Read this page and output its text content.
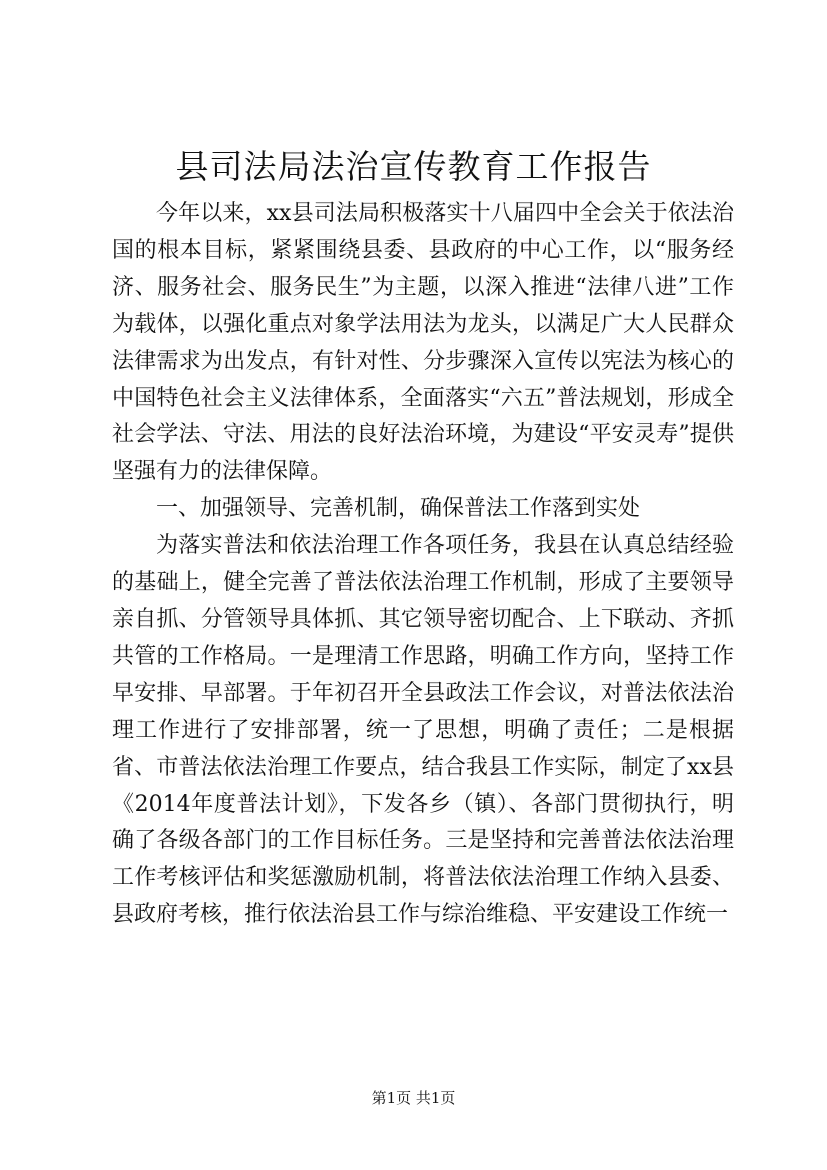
县司法局法治宣传教育工作报告

今年以来，xx县司法局积极落实十八届四中全会关于依法治国的根本目标，紧紧围绕县委、县政府的中心工作，以“服务经济、服务社会、服务民生”为主题，以深入推进“法律八进”工作为载体，以强化重点对象学法用法为龙头，以满足广大人民群众法律需求为出发点，有针对性、分步骤深入宣传以宪法为核心的中国特色社会主义法律体系，全面落实“六五”普法规划，形成全社会学法、守法、用法的良好法治环境，为建设“平安灵寿”提供坚强有力的法律保障。

一、加强领导、完善机制，确保普法工作落到实处

为落实普法和依法治理工作各项任务，我县在认真总结经验的基础上，健全完善了普法依法治理工作机制，形成了主要领导亲自抓、分管领导具体抓、其它领导密切配合、上下联动、齐抓共管的工作格局。一是理清工作思路，明确工作方向，坚持工作早安排、早部署。于年初召开全县政法工作会议，对普法依法治理工作进行了安排部署，统一了思想，明确了责任；二是根据省、市普法依法治理工作要点，结合我县工作实际，制定了xx县《2014年度普法计划》，下发各乡（镇）、各部门贯彻执行，明确了各级各部门的工作目标任务。三是坚持和完善普法依法治理工作考核评估和奖惩激励机制，将普法依法治理工作纳入县委、县政府考核，推行依法治县工作与综治维稳、平安建设工作统一

第1页 共1页
